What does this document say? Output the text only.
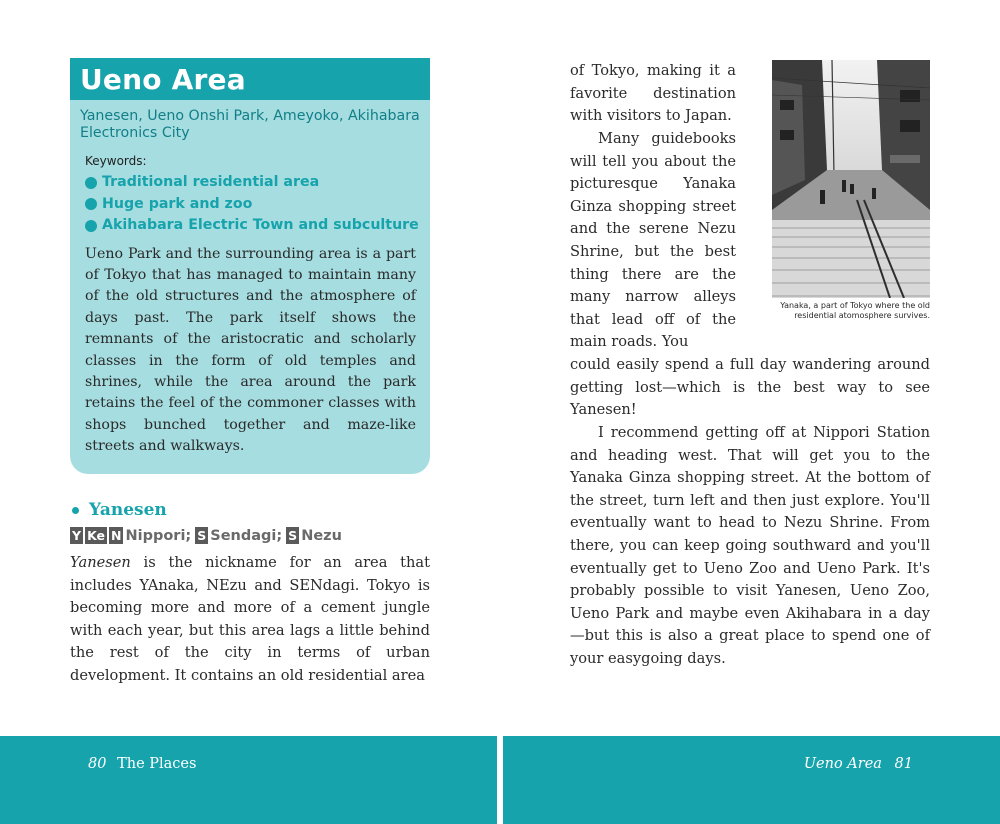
Ueno Area
Yanesen, Ueno Onshi Park, Ameyoko, Akihabara Electronics City
Keywords:
Traditional residential area
Huge park and zoo
Akihabara Electric Town and subculture
Ueno Park and the surrounding area is a part of Tokyo that has managed to maintain many of the old structures and the atmosphere of days past. The park itself shows the remnants of the aristocratic and scholarly classes in the form of old temples and shrines, while the area around the park retains the feel of the commoner classes with shops bunched together and maze-like streets and walkways.
Yanesen
Y Ke N Nippori; S Sendagi; S Nezu
Yanesen is the nickname for an area that includes YAnaka, NEzu and SENdagi. Tokyo is becoming more and more of a cement jungle with each year, but this area lags a little behind the rest of the city in terms of urban development. It contains an old residential area
of Tokyo, making it a favorite destination with visitors to Japan.
Many guidebooks will tell you about the picturesque Yanaka Ginza shopping street and the serene Nezu Shrine, but the best thing there are the many narrow alleys that lead off of the main roads. You
could easily spend a full day wandering around getting lost—which is the best way to see Yanesen!
I recommend getting off at Nippori Station and heading west. That will get you to the Yanaka Ginza shopping street. At the bottom of the street, turn left and then just explore. You'll eventually want to head to Nezu Shrine. From there, you can keep going southward and you'll eventually get to Ueno Zoo and Ueno Park. It's probably possible to visit Yanesen, Ueno Zoo, Ueno Park and maybe even Akihabara in a day—but this is also a great place to spend one of your easygoing days.
Yanaka, a part of Tokyo where the old residential atomosphere survives.
80 The Places	Ueno Area 81
